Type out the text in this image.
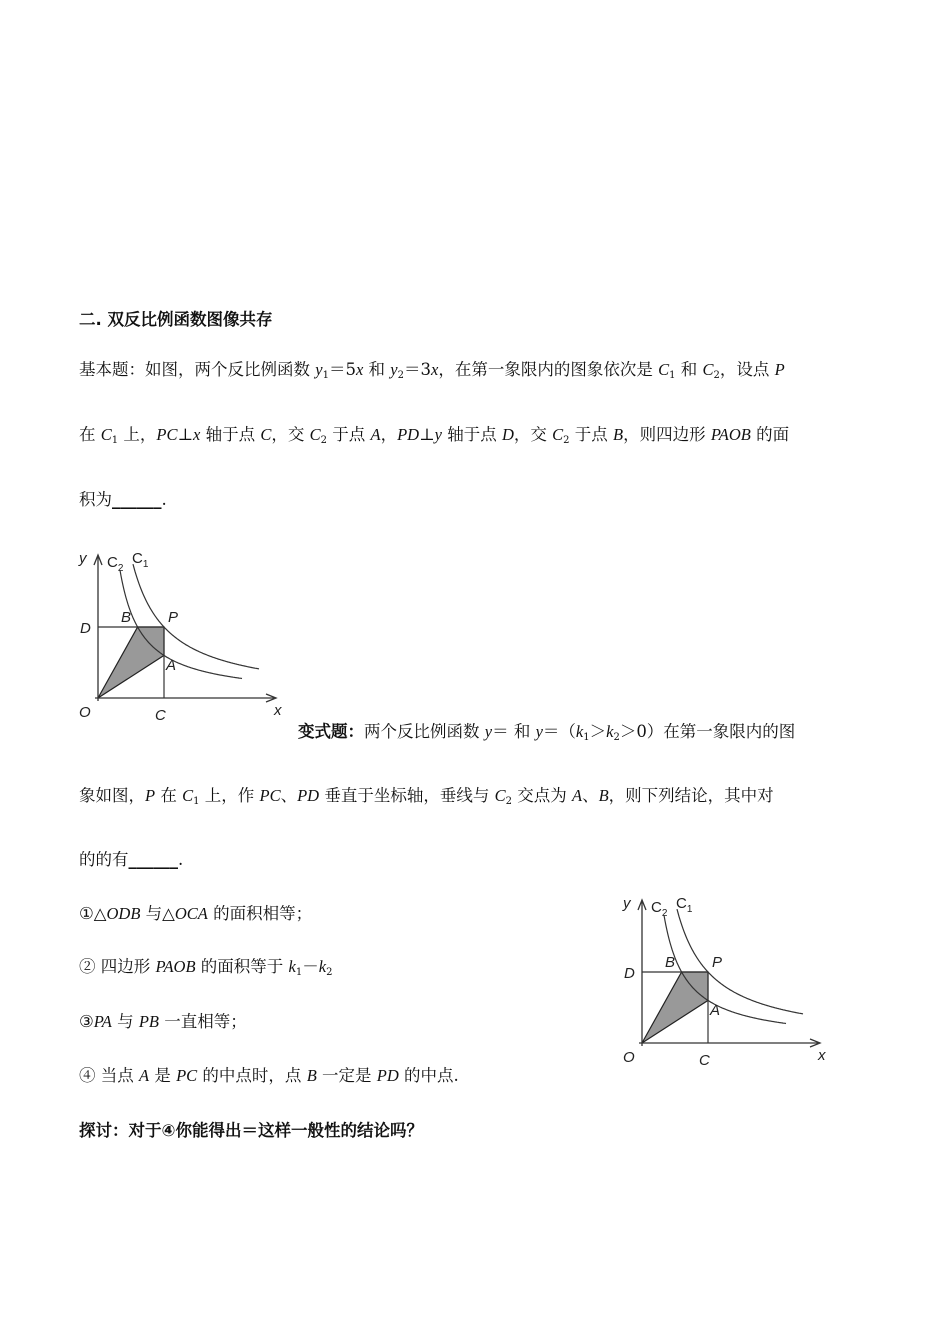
二. 双反比例函数图像共存
基本题：如图，两个反比例函数 $y_1=5x$ 和 $y_2=3x$，在第一象限内的图象依次是 $C_1$ 和 $C_2$，设点 P
在 $C_1$ 上，PC⊥x 轴于点 C，交 $C_2$ 于点 A，PD⊥y 轴于点 D，交 $C_2$ 于点 B，则四边形 PAOB 的面
积为______.
y
x
$C_2$
$C_1$
D
B P
A
O	C
变式题：两个反比例函数 y＝ 和 $y=(k_1>k_2>0)$在第一象限内的图
象如图，P 在 $C_1$ 上，作 PC、PD 垂直于坐标轴，垂线与 $C_2$ 交点为 A、B，则下列结论，其中对
的的有______.
①△ODB 与△OCA 的面积相等；
② 四边形 PAOB 的面积等于 $k_1-k_2$
③PA 与 PB 一直相等；
④ 当点 A 是 PC 的中点时，点 B 一定是 PD 的中点.
探讨：对于④你能得出＝这样一般性的结论吗？
y
x
$C_2$
$C_1$
D
B P
A
O	C
